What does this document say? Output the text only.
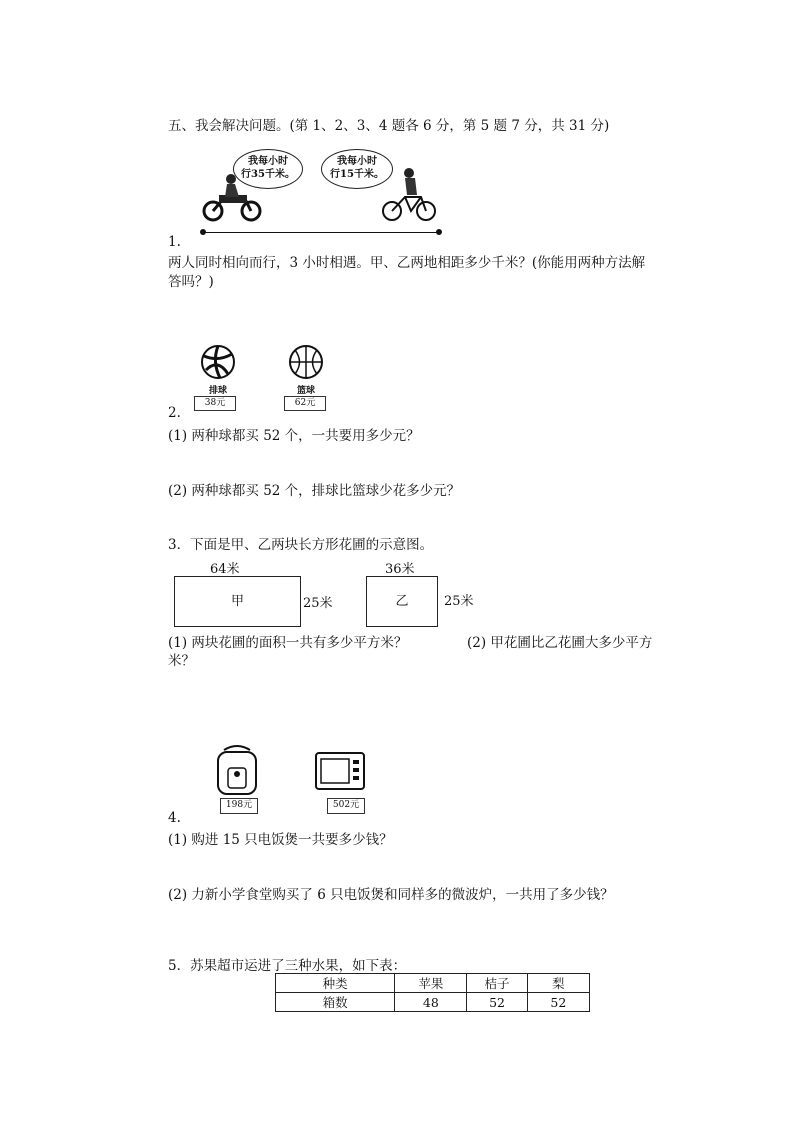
五、我会解决问题。(第 1、2、3、4 题各 6 分，第 5 题 7 分，共 31 分)
我每小时
行35千米。
我每小时
行15千米。
1.
两人同时相向而行，3 小时相遇。甲、乙两地相距多少千米？(你能用两种方法解
答吗？)
排球
38元
篮球
62元
2.
(1) 两种球都买 52 个，一共要用多少元？
(2) 两种球都买 52 个，排球比篮球少花多少元？
3．下面是甲、乙两块长方形花圃的示意图。
64米
甲	25米
36米
乙	25米
(1) 两块花圃的面积一共有多少平方米？	(2) 甲花圃比乙花圃大多少平方
米？
198元	502元
4.
(1) 购进 15 只电饭煲一共要多少钱？
(2) 力新小学食堂购买了 6 只电饭煲和同样多的微波炉，一共用了多少钱？
5．苏果超市运进了三种水果，如下表：
种类	苹果	桔子	梨
箱数	48	52	52
